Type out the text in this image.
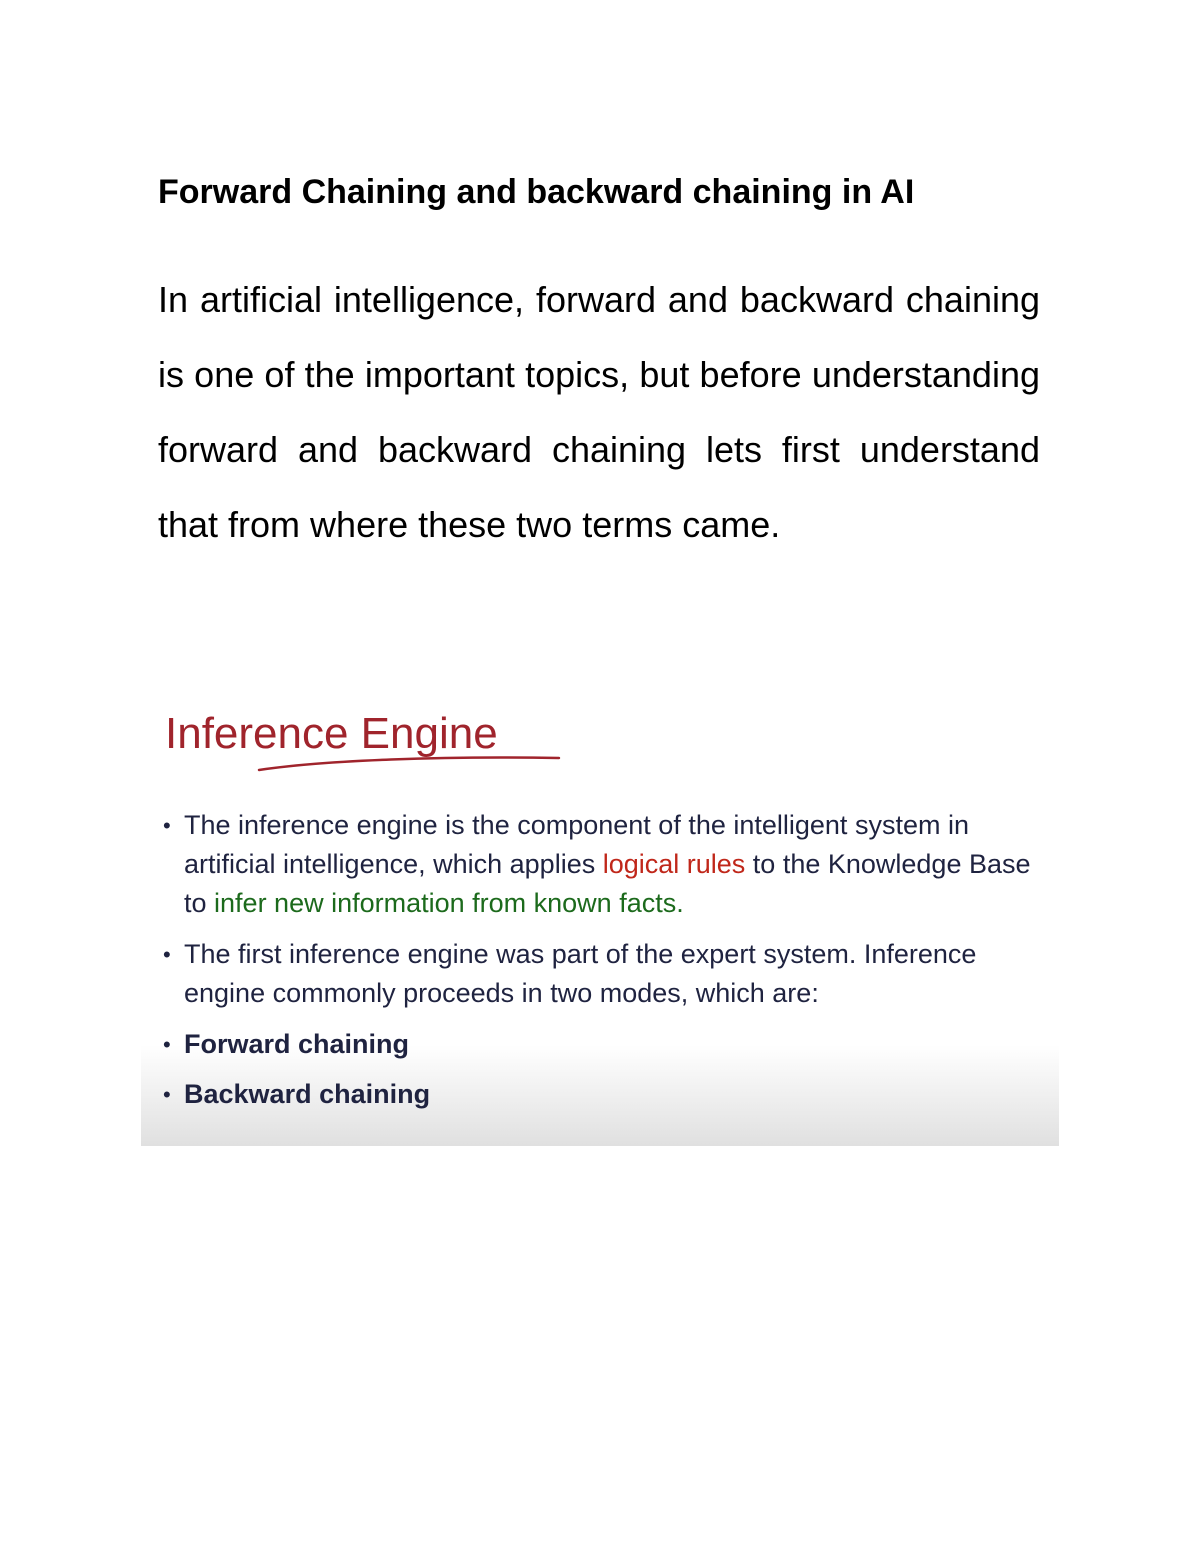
Forward Chaining and backward chaining in AI

In artificial intelligence, forward and backward chaining is one of the important topics, but before understanding forward and backward chaining lets first understand that from where these two terms came.

Inference Engine
• The inference engine is the component of the intelligent system in artificial intelligence, which applies logical rules to the Knowledge Base to infer new information from known facts.
• The first inference engine was part of the expert system. Inference engine commonly proceeds in two modes, which are:
• Forward chaining
• Backward chaining
